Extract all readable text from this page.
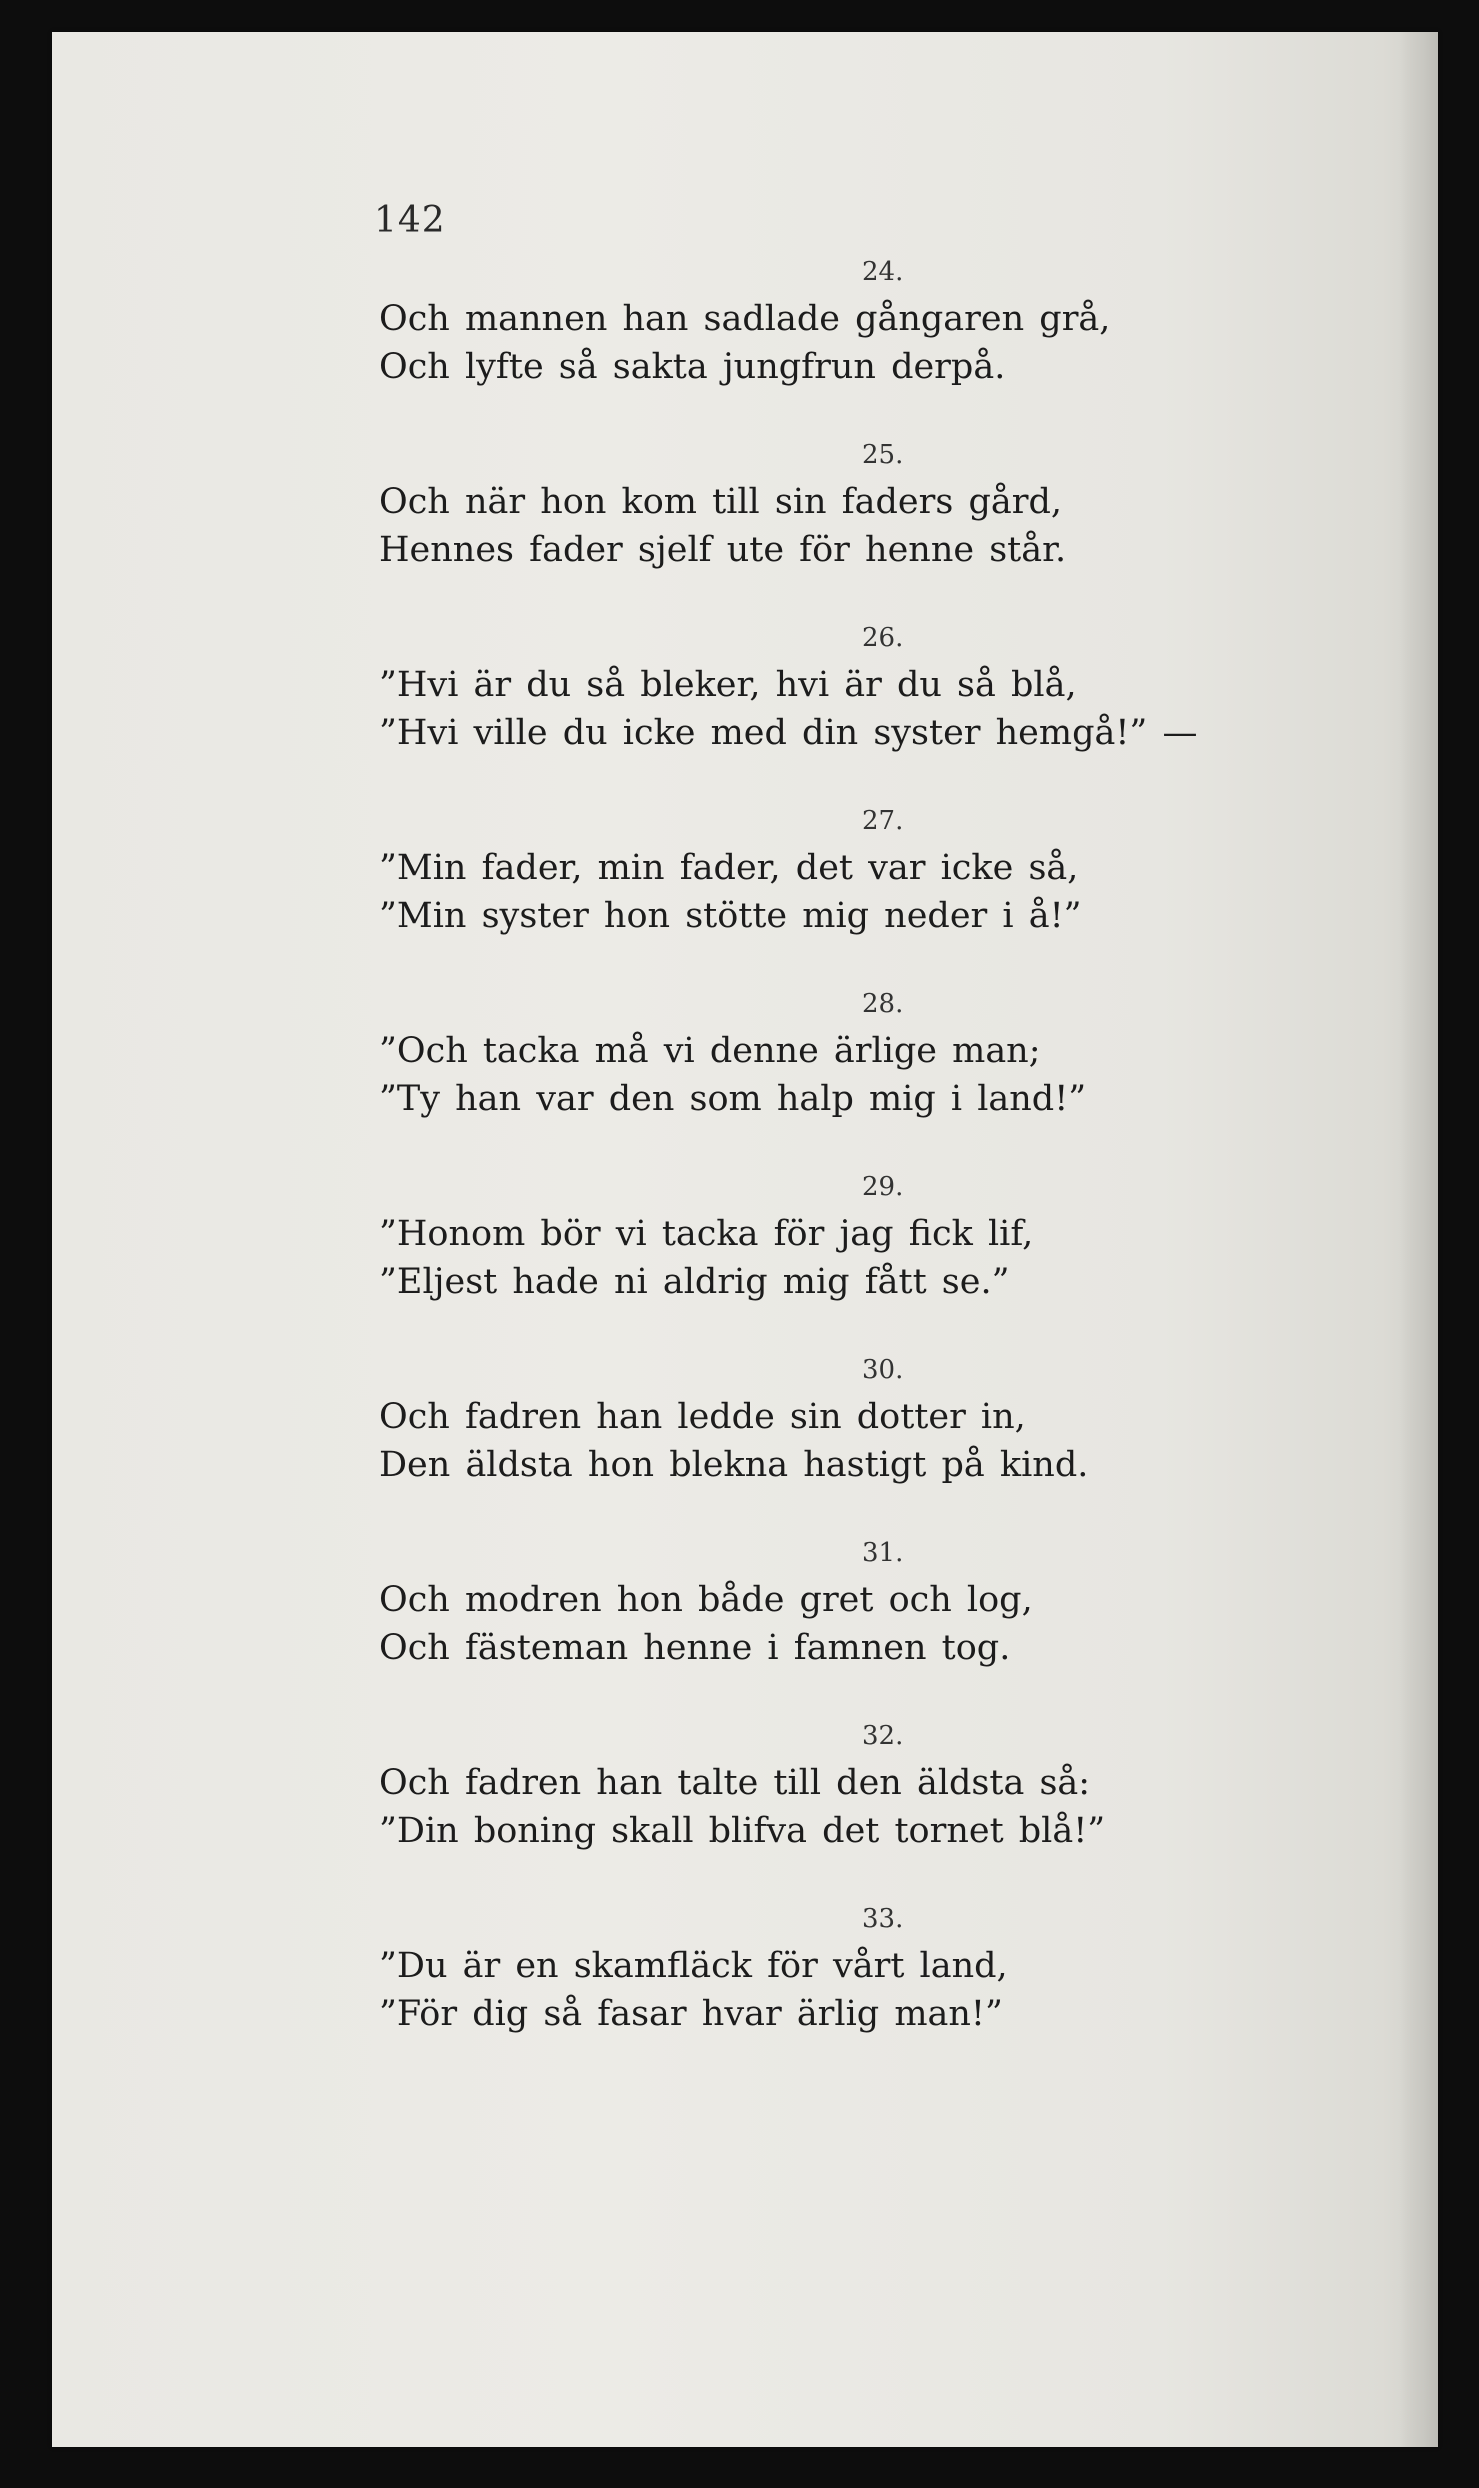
142
24.
Och mannen han sadlade gångaren grå,
Och lyfte så sakta jungfrun derpå.
25.
Och när hon kom till sin faders gård,
Hennes fader sjelf ute för henne står.
26.
”Hvi är du så bleker, hvi är du så blå,
”Hvi ville du icke med din syster hemgå!” —
27.
”Min fader, min fader, det var icke så,
”Min syster hon stötte mig neder i å!”
28.
”Och tacka må vi denne ärlige man;
”Ty han var den som halp mig i land!”
29.
”Honom bör vi tacka för jag fick lif,
”Eljest hade ni aldrig mig fått se.”
30.
Och fadren han ledde sin dotter in,
Den äldsta hon blekna hastigt på kind.
31.
Och modren hon både gret och log,
Och fästeman henne i famnen tog.
32.
Och fadren han talte till den äldsta så:
”Din boning skall blifva det tornet blå!”
33.
”Du är en skamfläck för vårt land,
”För dig så fasar hvar ärlig man!”
